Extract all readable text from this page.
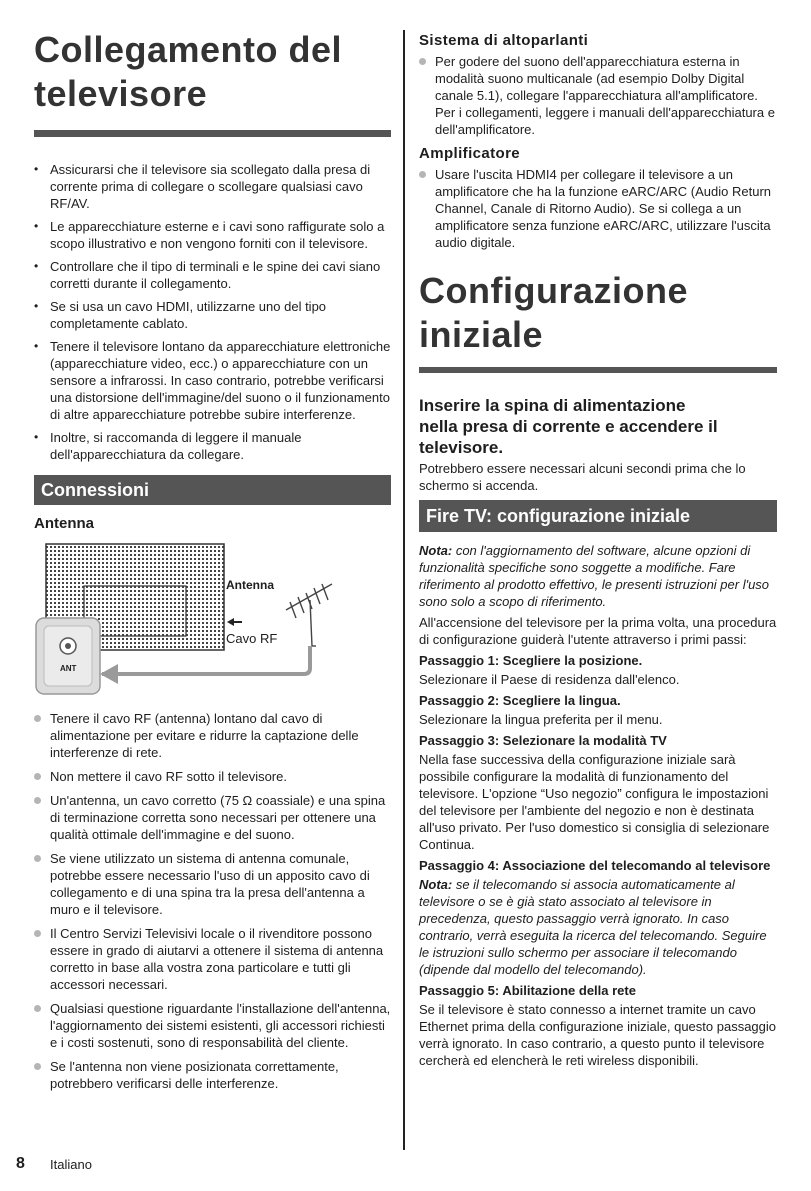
Collegamento del
televisore
• Assicurarsi che il televisore sia scollegato dalla presa di corrente prima di collegare o scollegare qualsiasi cavo RF/AV.
• Le apparecchiature esterne e i cavi sono raffigurate solo a scopo illustrativo e non vengono forniti con il televisore.
• Controllare che il tipo di terminali e le spine dei cavi siano corretti durante il collegamento.
• Se si usa un cavo HDMI, utilizzarne uno del tipo completamente cablato.
• Tenere il televisore lontano da apparecchiature elettroniche (apparecchiature video, ecc.) o apparecchiature con un sensore a infrarossi. In caso contrario, potrebbe verificarsi una distorsione dell'immagine/del suono o il funzionamento di altre apparecchiature potrebbe subire interferenze.
• Inoltre, si raccomanda di leggere il manuale dell'apparecchiatura da collegare.
Connessioni
Antenna
Antenna
Cavo RF
ANT
Tenere il cavo RF (antenna) lontano dal cavo di alimentazione per evitare e ridurre la captazione delle interferenze di rete.
Non mettere il cavo RF sotto il televisore.
Un'antenna, un cavo corretto (75 Ω coassiale) e una spina di terminazione corretta sono necessari per ottenere una qualità ottimale dell'immagine e del suono.
Se viene utilizzato un sistema di antenna comunale, potrebbe essere necessario l'uso di un apposito cavo di collegamento e di una spina tra la presa dell'antenna a muro e il televisore.
Il Centro Servizi Televisivi locale o il rivenditore possono essere in grado di aiutarvi a ottenere il sistema di antenna corretto in base alla vostra zona particolare e tutti gli accessori necessari.
Qualsiasi questione riguardante l'installazione dell'antenna, l'aggiornamento dei sistemi esistenti, gli accessori richiesti e i costi sostenuti, sono di responsabilità del cliente.
Se l'antenna non viene posizionata correttamente, potrebbero verificarsi delle interferenze.
Sistema di altoparlanti
Per godere del suono dell'apparecchiatura esterna in modalità suono multicanale (ad esempio Dolby Digital canale 5.1), collegare l'apparecchiatura all'amplificatore. Per i collegamenti, leggere i manuali dell'apparecchiatura e dell'amplificatore.
Amplificatore
Usare l'uscita HDMI4 per collegare il televisore a un amplificatore che ha la funzione eARC/ARC (Audio Return Channel, Canale di Ritorno Audio). Se si collega a un amplificatore senza funzione eARC/ARC, utilizzare l'uscita audio digitale.
Configurazione
iniziale
Inserire la spina di alimentazione
nella presa di corrente e accendere il
televisore.

Potrebbero essere necessari alcuni secondi prima che lo schermo si accenda.

Fire TV: configurazione iniziale

Nota: con l'aggiornamento del software, alcune opzioni di funzionalità specifiche sono soggette a modifiche. Fare riferimento al prodotto effettivo, le presenti istruzioni per l'uso sono solo a scopo di riferimento.

All'accensione del televisore per la prima volta, una procedura di configurazione guiderà l'utente attraverso i primi passi:

Passaggio 1: Scegliere la posizione.

Selezionare il Paese di residenza dall'elenco.

Passaggio 2: Scegliere la lingua.

Selezionare la lingua preferita per il menu.

Passaggio 3: Selezionare la modalità TV

Nella fase successiva della configurazione iniziale sarà possibile configurare la modalità di funzionamento del televisore. L'opzione “Uso negozio” configura le impostazioni del televisore per l'ambiente del negozio e non è destinata all'uso privato. Per l'uso domestico si consiglia di selezionare Continua.

Passaggio 4: Associazione del telecomando al televisore

Nota: se il telecomando si associa automaticamente al televisore o se è già stato associato al televisore in precedenza, questo passaggio verrà ignorato. In caso contrario, verrà eseguita la ricerca del telecomando. Seguire le istruzioni sullo schermo per associare il telecomando (dipende dal modello del telecomando).

Passaggio 5: Abilitazione della rete

Se il televisore è stato connesso a internet tramite un cavo Ethernet prima della configurazione iniziale, questo passaggio verrà ignorato. In caso contrario, a questo punto il televisore cercherà ed elencherà le reti wireless disponibili.

8 Italiano
